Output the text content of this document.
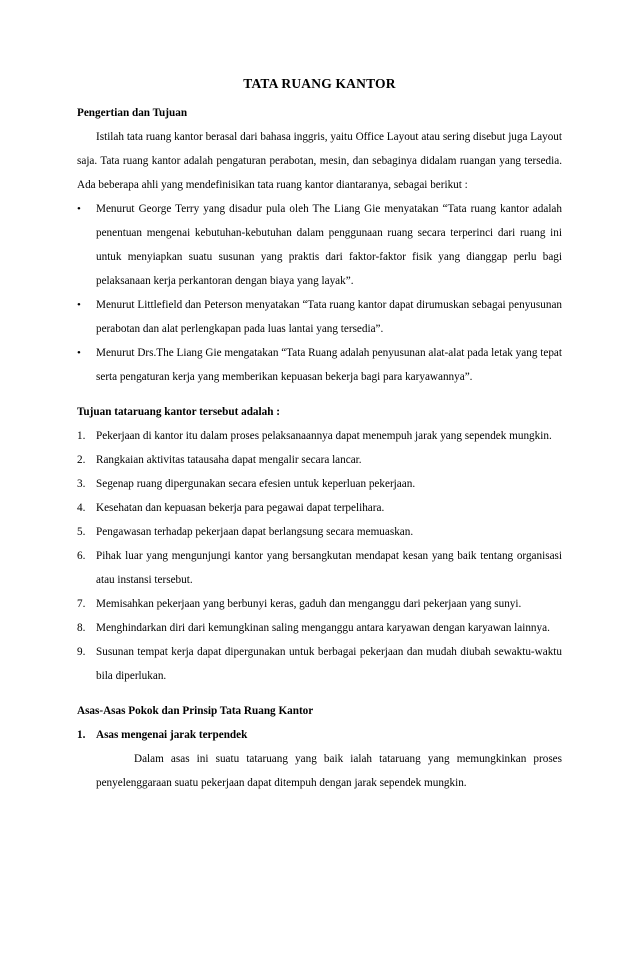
TATA RUANG KANTOR
Pengertian dan Tujuan

Istilah tata ruang kantor berasal dari bahasa inggris, yaitu Office Layout atau sering disebut juga Layout saja. Tata ruang kantor adalah pengaturan perabotan, mesin, dan sebaginya didalam ruangan yang tersedia. Ada beberapa ahli yang mendefinisikan tata ruang kantor diantaranya, sebagai berikut :

• Menurut George Terry yang disadur pula oleh The Liang Gie menyatakan “Tata ruang kantor adalah penentuan mengenai kebutuhan-kebutuhan dalam penggunaan ruang secara terperinci dari ruang ini untuk menyiapkan suatu susunan yang praktis dari faktor-faktor fisik yang dianggap perlu bagi pelaksanaan kerja perkantoran dengan biaya yang layak”.
• Menurut Littlefield dan Peterson menyatakan “Tata ruang kantor dapat dirumuskan sebagai penyusunan perabotan dan alat perlengkapan pada luas lantai yang tersedia”.
• Menurut Drs.The Liang Gie mengatakan “Tata Ruang adalah penyusunan alat-alat pada letak yang tepat serta pengaturan kerja yang memberikan kepuasan bekerja bagi para karyawannya”.
Tujuan tataruang kantor tersebut adalah :
1. Pekerjaan di kantor itu dalam proses pelaksanaannya dapat menempuh jarak yang sependek mungkin.
2. Rangkaian aktivitas tatausaha dapat mengalir secara lancar.
3. Segenap ruang dipergunakan secara efesien untuk keperluan pekerjaan.
4. Kesehatan dan kepuasan bekerja para pegawai dapat terpelihara.
5. Pengawasan terhadap pekerjaan dapat berlangsung secara memuaskan.
6. Pihak luar yang mengunjungi kantor yang bersangkutan mendapat kesan yang baik tentang organisasi atau instansi tersebut.
7. Memisahkan pekerjaan yang berbunyi keras, gaduh dan menganggu dari pekerjaan yang sunyi.
8. Menghindarkan diri dari kemungkinan saling menganggu antara karyawan dengan karyawan lainnya.
9. Susunan tempat kerja dapat dipergunakan untuk berbagai pekerjaan dan mudah diubah sewaktu-waktu bila diperlukan.
Asas-Asas Pokok dan Prinsip Tata Ruang Kantor
1. Asas mengenai jarak terpendek

Dalam asas ini suatu tataruang yang baik ialah tataruang yang memungkinkan proses penyelenggaraan suatu pekerjaan dapat ditempuh dengan jarak sependek mungkin.
